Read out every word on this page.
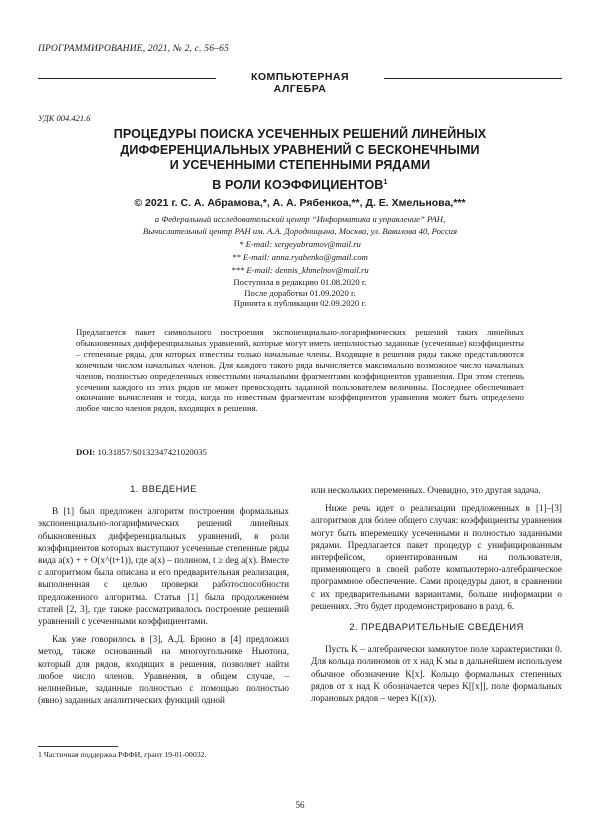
ПРОГРАММИРОВАНИЕ, 2021, № 2, с. 56–65
КОМПЬЮТЕРНАЯ
АЛГЕБРА
УДК 004.421.6
ПРОЦЕДУРЫ ПОИСКА УСЕЧЕННЫХ РЕШЕНИЙ ЛИНЕЙНЫХ
ДИФФЕРЕНЦИАЛЬНЫХ УРАВНЕНИЙ С БЕСКОНЕЧНЫМИ
И УСЕЧЕННЫМИ СТЕПЕННЫМИ РЯДАМИ
В РОЛИ КОЭФФИЦИЕНТОВ$^1$
© 2021 г. С. А. Абрамовa,*, А. А. Рябенкоa,**, Д. Е. Хмельновa,***
a Федеральный исследовательский центр “Информатика и управление” РАН,
Вычислительный центр РАН им. А.А. Дородницына, Москва, ул. Вавилова 40, Россия
* E-mail: sergeyabramov@mail.ru
** E-mail: anna.ryabenko@gmail.com
*** E-mail: dennis_khmelnov@mail.ru
Поступила в редакцию 01.08.2020 г.
После доработки 01.09.2020 г.
Принята к публикации 02.09.2020 г.
Предлагается пакет символьного построения экспоненциально-логарифмических решений таких линейных обыкновенных дифференциальных уравнений, которые могут иметь неполностью заданные (усеченные) коэффициенты – степенные ряды, для которых известны только начальные члены. Входящие в решения ряды также представляются конечным числом начальных членов. Для каждого такого ряда вычисляется максимально возможное число начальных членов, полностью определенных известными начальными фрагментами коэффициентов уравнения. При этом степень усечения каждого из этих рядов не может превосходить заданной пользователем величины. Последнее обеспечивает окончание вычисления и тогда, когда по известным фрагментам коэффициентов уравнения может быть определено любое число членов рядов, входящих в решения.
DOI: 10.31857/S0132347421020035
1. ВВЕДЕНИЕ

В [1] был предложен алгоритм построения формальных экспоненциально-логарифмических решений линейных обыкновенных дифференциальных уравнений, в роли коэффициентов которых выступают усеченные степенные ряды вида a(x) + + O(x^(t+1)), где a(x) – полином, t ≥ deg a(x). Вместе с алгоритмом была описана и его предварительная реализация, выполненная с целью проверки работоспособности предложенного алгоритма. Статья [1] была продолжением статей [2, 3], где также рассматривалось построение решений уравнений с усеченными коэффициентами.

Как уже говорилось в [3], А.Д. Брюно в [4] предложил метод, также основанный на многоугольнике Ньютона, который для рядов, входящих в решения, позволяет найти любое число членов. Уравнения, в общем случае, – нелинейные, заданные полностью с помощью полностью (явно) заданных аналитических функций одной

или нескольких переменных. Очевидно, это другая задача.

Ниже речь идет о реализации предложенных в [1]–[3] алгоритмов для более общего случая: коэффициенты уравнения могут быть вперемешку усеченными и полностью заданными рядами. Предлагается пакет процедур с унифицированным интерфейсом, ориентированным на пользователя, применяющего в своей работе компьютерно-алгебраическое программное обеспечение. Сами процедуры дают, в сравнении с их предварительными вариантами, больше информации о решениях. Это будет продемонстрировано в разд. 6.

2. ПРЕДВАРИТЕЛЬНЫЕ СВЕДЕНИЯ

Пусть K – алгебраически замкнутое поле характеристики 0. Для кольца полиномов от x над K мы в дальнейшем используем обычное обозначение K[x]. Кольцо формальных степенных рядов от x над K обозначается через K[[x]], поле формальных лорановых рядов – через K((x)).

1 Частичная поддержка РФФИ, грант 19-01-00032.
56
